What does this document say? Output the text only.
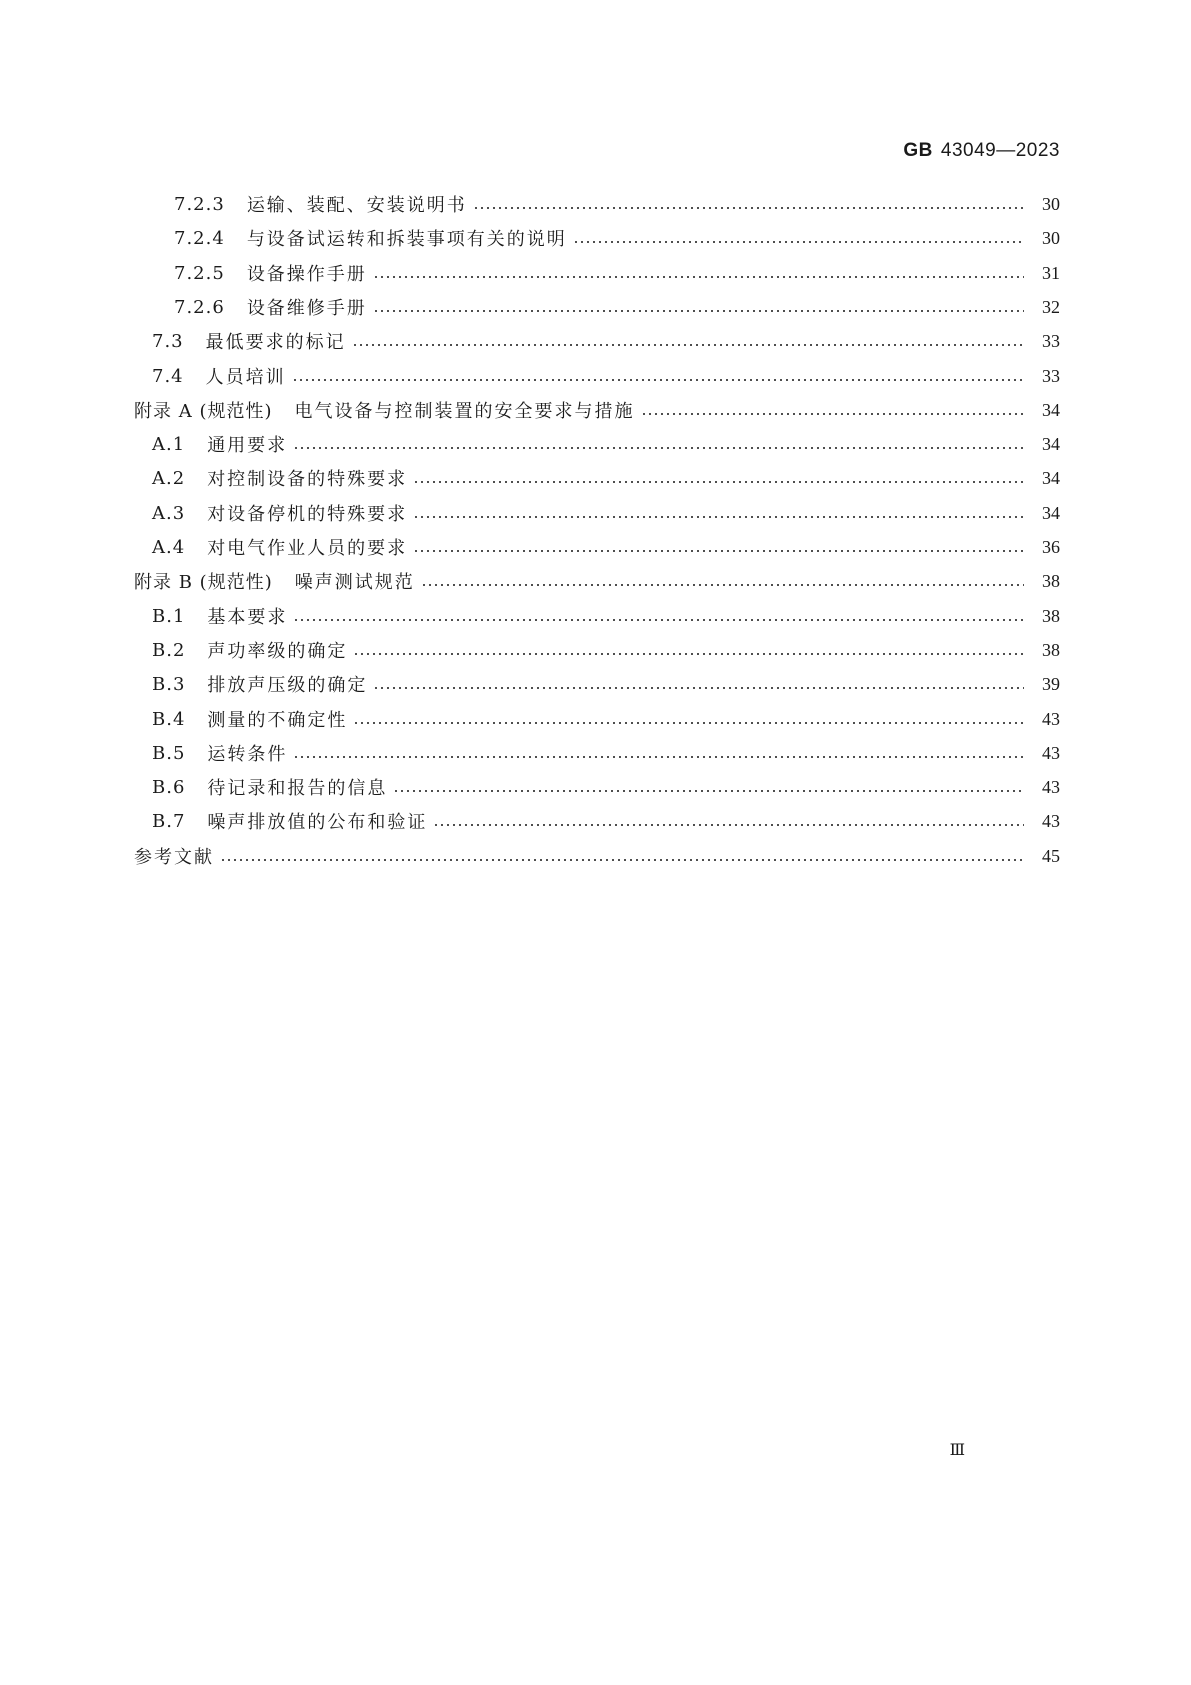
GB 43049—2023
7.2.3 运输、装配、安装说明书	30
7.2.4 与设备试运转和拆装事项有关的说明	30
7.2.5 设备操作手册	31
7.2.6 设备维修手册	32
7.3 最低要求的标记	33
7.4 人员培训	33
附录 A (规范性) 电气设备与控制装置的安全要求与措施	34
A.1 通用要求	34
A.2 对控制设备的特殊要求	34
A.3 对设备停机的特殊要求	34
A.4 对电气作业人员的要求	36
附录 B (规范性) 噪声测试规范	38
B.1 基本要求	38
B.2 声功率级的确定	38
B.3 排放声压级的确定	39
B.4 测量的不确定性	43
B.5 运转条件	43
B.6 待记录和报告的信息	43
B.7 噪声排放值的公布和验证	43
参考文献	45
Ⅲ
